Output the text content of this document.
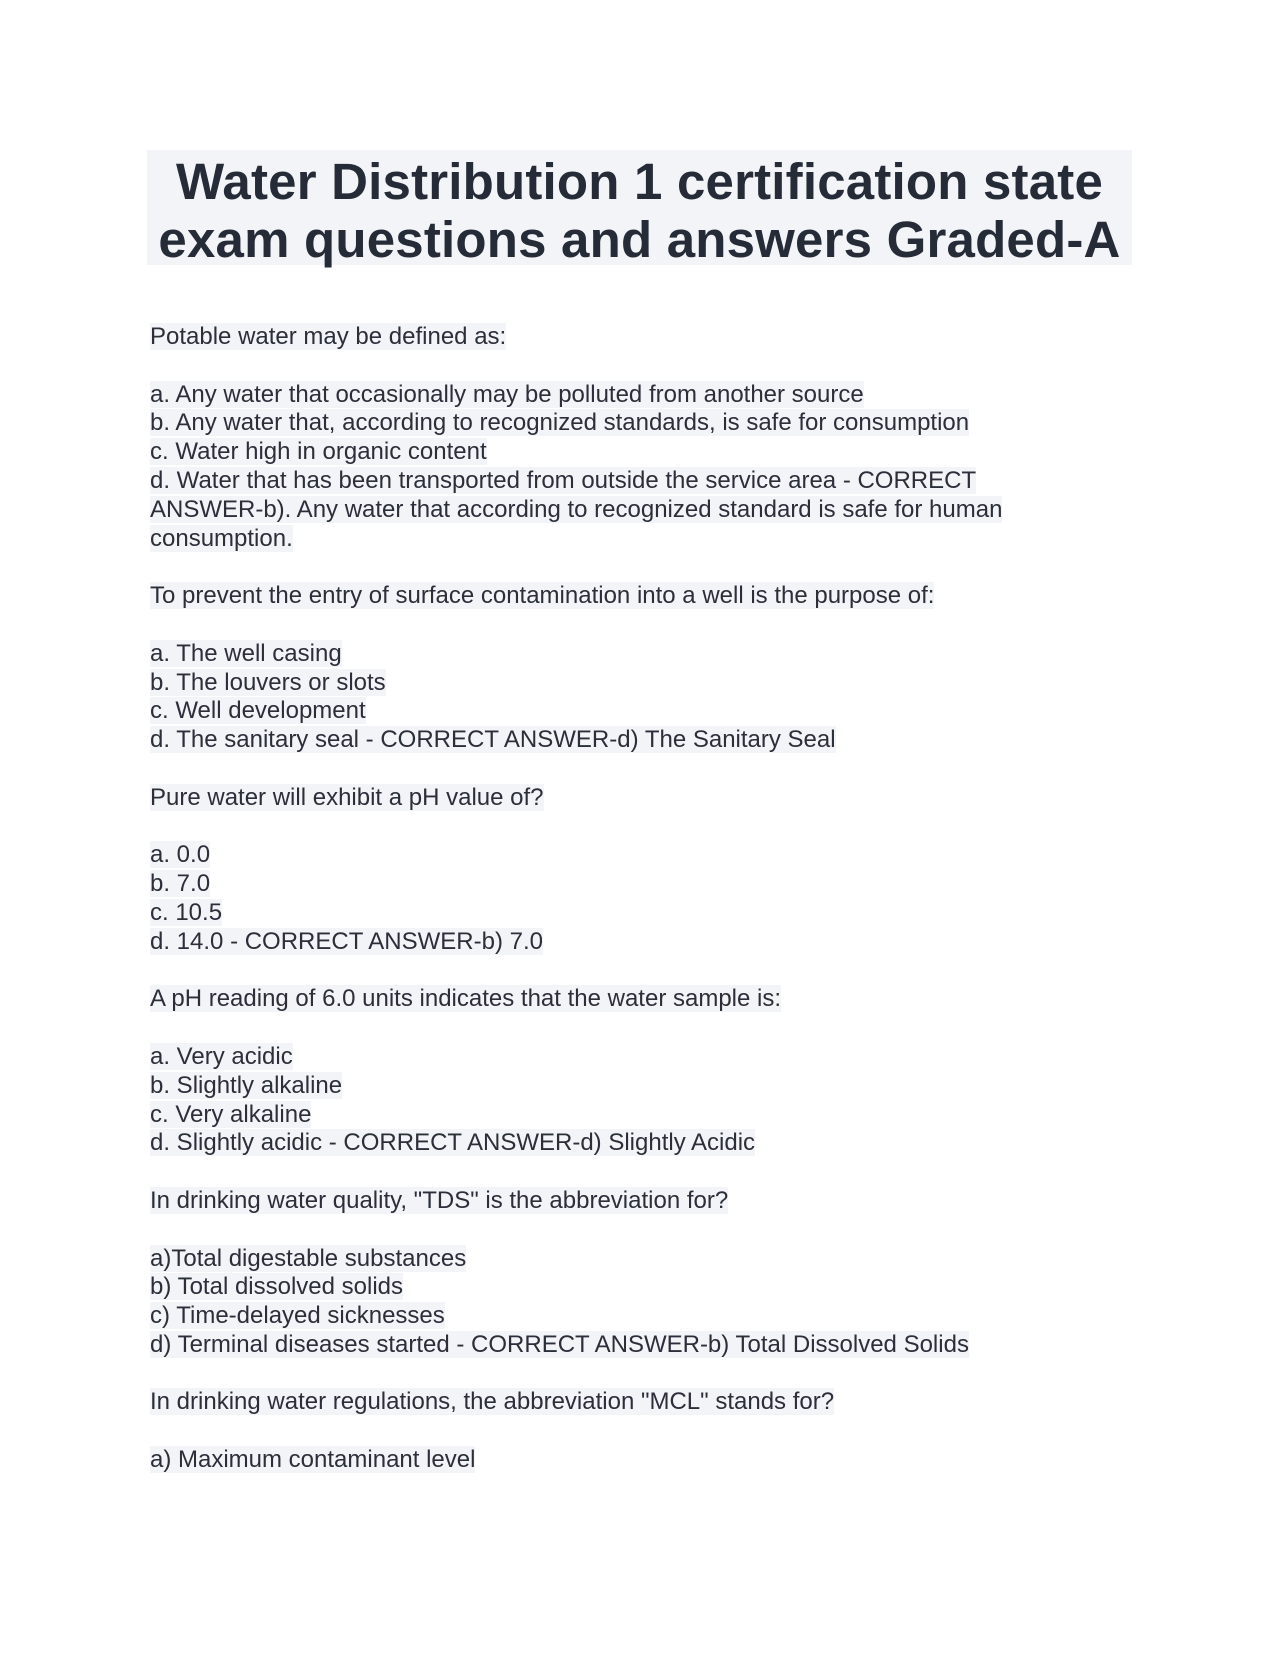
Water Distribution 1 certification state
exam questions and answers Graded-A
Potable water may be defined as:
a. Any water that occasionally may be polluted from another source
b. Any water that, according to recognized standards, is safe for consumption
c. Water high in organic content
d. Water that has been transported from outside the service area - CORRECT
ANSWER-b). Any water that according to recognized standard is safe for human
consumption.
To prevent the entry of surface contamination into a well is the purpose of:
a. The well casing
b. The louvers or slots
c. Well development
d. The sanitary seal - CORRECT ANSWER-d) The Sanitary Seal
Pure water will exhibit a pH value of?
a. 0.0
b. 7.0
c. 10.5
d. 14.0 - CORRECT ANSWER-b) 7.0
A pH reading of 6.0 units indicates that the water sample is:
a. Very acidic
b. Slightly alkaline
c. Very alkaline
d. Slightly acidic - CORRECT ANSWER-d) Slightly Acidic
In drinking water quality, "TDS" is the abbreviation for?
a)Total digestable substances
b) Total dissolved solids
c) Time-delayed sicknesses
d) Terminal diseases started - CORRECT ANSWER-b) Total Dissolved Solids
In drinking water regulations, the abbreviation "MCL" stands for?
a) Maximum contaminant level
